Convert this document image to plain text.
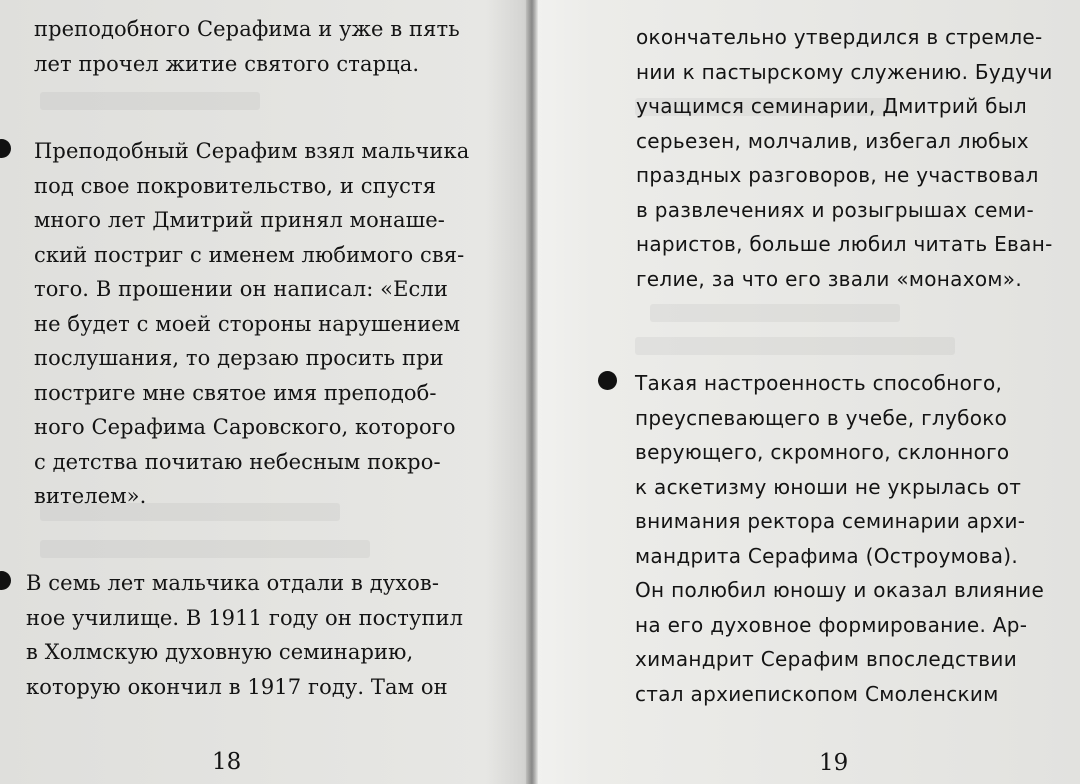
преподобного Серафима и уже в пять
лет прочел житие святого старца.

Преподобный Серафим взял мальчика
под свое покровительство, и спустя
много лет Дмитрий принял монаше-
ский постриг с именем любимого свя-
того. В прошении он написал: «Если
не будет с моей стороны нарушением
послушания, то дерзаю просить при
постриге мне святое имя преподоб-
ного Серафима Саровского, которого
с детства почитаю небесным покро-
вителем».

В семь лет мальчика отдали в духов-
ное училище. В 1911 году он поступил
в Холмскую духовную семинарию,
которую окончил в 1917 году. Там он

18

окончательно утвердился в стремле-
нии к пастырскому служению. Будучи
учащимся семинарии, Дмитрий был
серьезен, молчалив, избегал любых
праздных разговоров, не участвовал
в развлечениях и розыгрышах семи-
наристов, больше любил читать Еван-
гелие, за что его звали «монахом».

Такая настроенность способного,
преуспевающего в учебе, глубоко
верующего, скромного, склонного
к аскетизму юноши не укрылась от
внимания ректора семинарии архи-
мандрита Серафима (Остроумова).
Он полюбил юношу и оказал влияние
на его духовное формирование. Ар-
химандрит Серафим впоследствии
стал архиепископом Смоленским

19
